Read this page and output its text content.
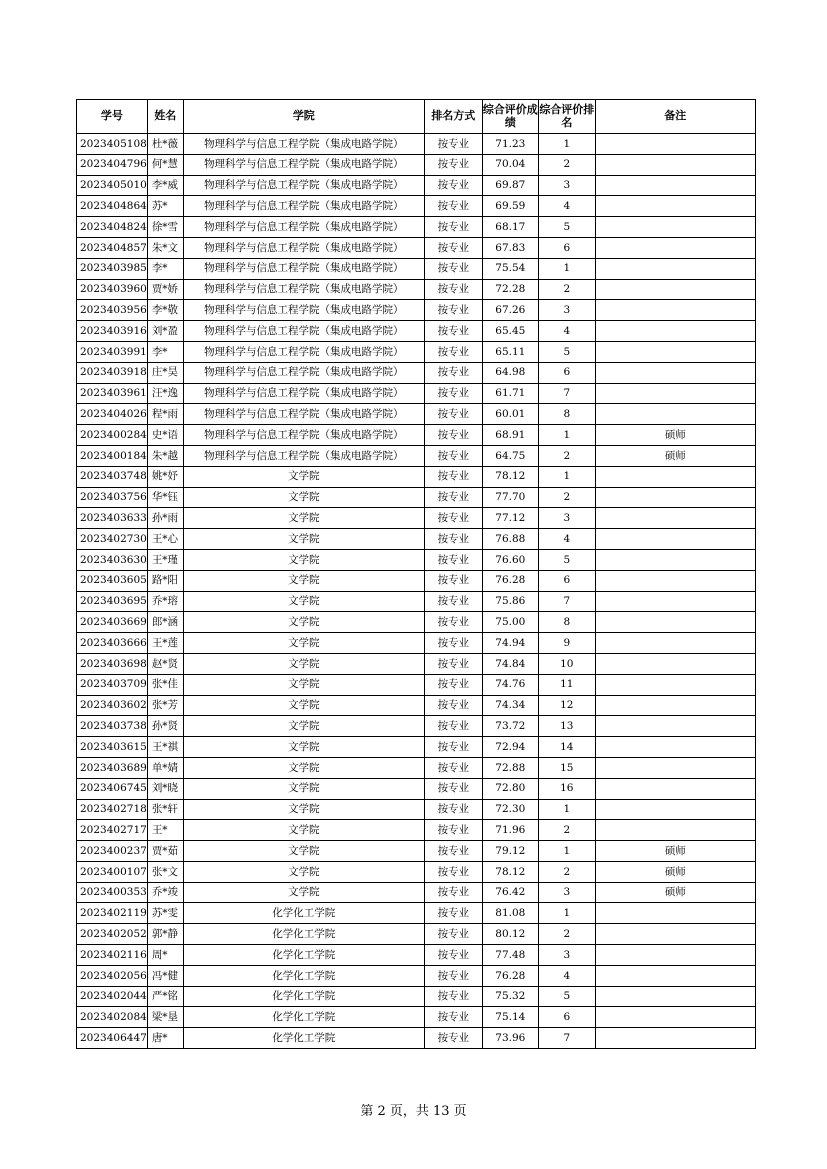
学号	姓名	学院	排名方式	综合评价成绩	综合评价排名	备注
2023405108	杜*薇	物理科学与信息工程学院（集成电路学院）	按专业	71.23	1	
2023404796	何*慧	物理科学与信息工程学院（集成电路学院）	按专业	70.04	2	
2023405010	李*威	物理科学与信息工程学院（集成电路学院）	按专业	69.87	3	
2023404864	苏*	物理科学与信息工程学院（集成电路学院）	按专业	69.59	4	
2023404824	徐*雪	物理科学与信息工程学院（集成电路学院）	按专业	68.17	5	
2023404857	朱*文	物理科学与信息工程学院（集成电路学院）	按专业	67.83	6	
2023403985	李*	物理科学与信息工程学院（集成电路学院）	按专业	75.54	1	
2023403960	贾*娇	物理科学与信息工程学院（集成电路学院）	按专业	72.28	2	
2023403956	李*敬	物理科学与信息工程学院（集成电路学院）	按专业	67.26	3	
2023403916	刘*盈	物理科学与信息工程学院（集成电路学院）	按专业	65.45	4	
2023403991	李*	物理科学与信息工程学院（集成电路学院）	按专业	65.11	5	
2023403918	庄*昊	物理科学与信息工程学院（集成电路学院）	按专业	64.98	6	
2023403961	汪*逸	物理科学与信息工程学院（集成电路学院）	按专业	61.71	7	
2023404026	程*雨	物理科学与信息工程学院（集成电路学院）	按专业	60.01	8	
2023400284	史*语	物理科学与信息工程学院（集成电路学院）	按专业	68.91	1	硕师
2023400184	朱*越	物理科学与信息工程学院（集成电路学院）	按专业	64.75	2	硕师
2023403748	姚*妤	文学院	按专业	78.12	1	
2023403756	华*钰	文学院	按专业	77.70	2	
2023403633	孙*雨	文学院	按专业	77.12	3	
2023402730	王*心	文学院	按专业	76.88	4	
2023403630	王*瑾	文学院	按专业	76.60	5	
2023403605	路*阳	文学院	按专业	76.28	6	
2023403695	乔*瑢	文学院	按专业	75.86	7	
2023403669	郎*涵	文学院	按专业	75.00	8	
2023403666	王*莲	文学院	按专业	74.94	9	
2023403698	赵*贤	文学院	按专业	74.84	10	
2023403709	张*佳	文学院	按专业	74.76	11	
2023403602	张*芳	文学院	按专业	74.34	12	
2023403738	孙*贤	文学院	按专业	73.72	13	
2023403615	王*祺	文学院	按专业	72.94	14	
2023403689	单*婧	文学院	按专业	72.88	15	
2023406745	刘*晓	文学院	按专业	72.80	16	
2023402718	张*轩	文学院	按专业	72.30	1	
2023402717	王*	文学院	按专业	71.96	2	
2023400237	贾*茹	文学院	按专业	79.12	1	硕师
2023400107	张*文	文学院	按专业	78.12	2	硕师
2023400353	乔*竣	文学院	按专业	76.42	3	硕师
2023402119	苏*雯	化学化工学院	按专业	81.08	1	
2023402052	郭*静	化学化工学院	按专业	80.12	2	
2023402116	周*	化学化工学院	按专业	77.48	3	
2023402056	冯*健	化学化工学院	按专业	76.28	4	
2023402044	严*铭	化学化工学院	按专业	75.32	5	
2023402084	梁*垦	化学化工学院	按专业	75.14	6	
2023406447	唐*	化学化工学院	按专业	73.96	7	
第 2 页，共 13 页
